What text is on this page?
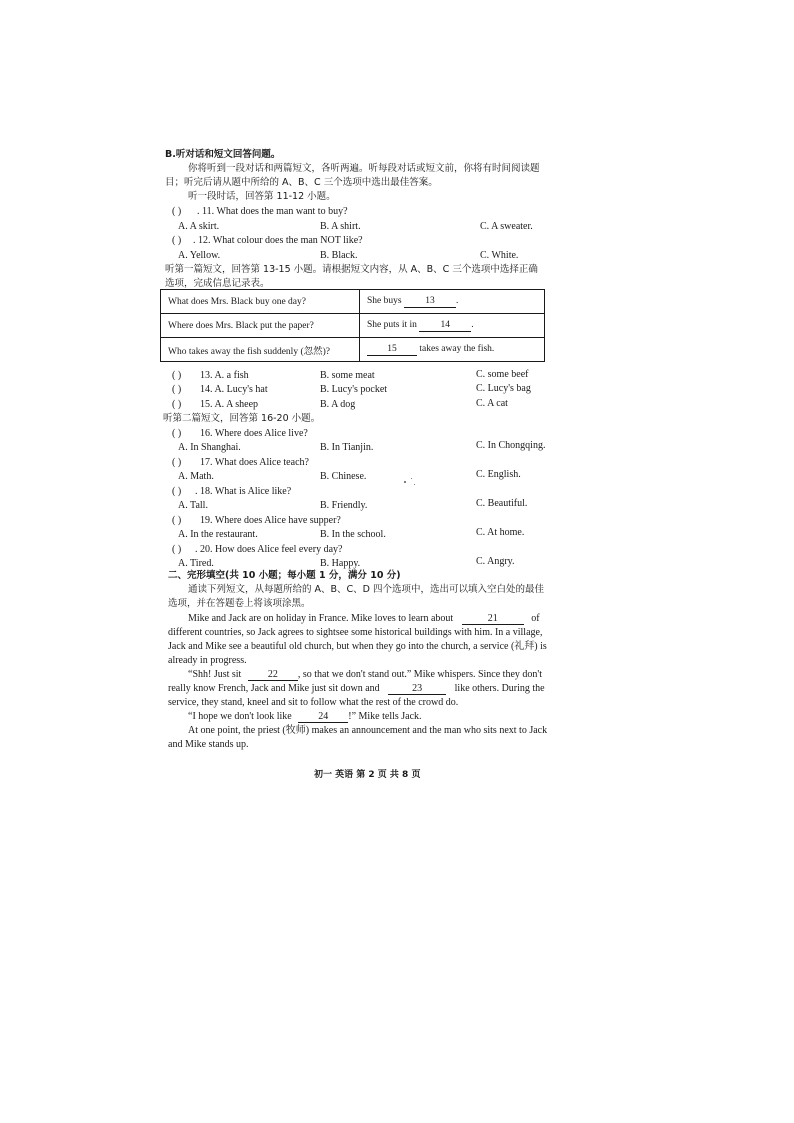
B.听对话和短文回答问题。
你将听到一段对话和两篇短文，各听两遍。听每段对话或短文前，你将有时间阅读题
目；听完后请从题中所给的 A、B、C 三个选项中选出最佳答案。
听一段时话，回答第 11-12 小题。
( ) . 11. What does the man want to buy?
A. A skirt.	B. A shirt.	C. A sweater.
( ) . 12. What colour does the man NOT like?
A. Yellow.	B. Black.	C. White.
听第一篇短文，回答第 13-15 小题。请根据短文内容，从 A、B、C 三个选项中选择正确
选项，完成信息记录表。
What does Mrs. Black buy one day?	She buys 13 .
Where does Mrs. Black put the paper?	She puts it in 14 .
Who takes away the fish suddenly (忽然)?	15 takes away the fish.
( ) 13. A. a fish	B. some meat	C. some beef
( ) 14. A. Lucy's hat	B. Lucy's pocket	C. Lucy's bag
( ) 15. A. A sheep	B. A dog	C. A cat
听第二篇短文，回答第 16-20 小题。
( ) 16. Where does Alice live?
A. In Shanghai.	B. In Tianjin.	C. In Chongqing.
( ) 17. What does Alice teach?
A. Math.	B. Chinese.	C. English.
( ) . 18. What is Alice like?
A. Tall.	B. Friendly.	C. Beautiful.
( ) 19. Where does Alice have supper?
A. In the restaurant.	B. In the school.	C. At home.
( ) . 20. How does Alice feel every day?
A. Tired.	B. Happy.	C. Angry.
二、完形填空(共 10 小题；每小题 1 分，满分 10 分)
通读下列短文，从每题所给的 A、B、C、D 四个选项中，选出可以填入空白处的最佳
选项，并在答题卷上将该项涂黑。
Mike and Jack are on holiday in France. Mike loves to learn about	21	of
different countries, so Jack agrees to sightsee some historical buildings with him. In a village,
Jack and Mike see a beautiful old church, but when they go into the church, a service (礼拜) is
already in progress.
“Shh! Just sit	22 , so that we don't stand out.” Mike whispers. Since they don't
really know French, Jack and Mike just sit down and	23	like others. During the
service, they stand, kneel and sit to follow what the rest of the crowd do.
“I hope we don't look like	24 !” Mike tells Jack.
At one point, the priest (牧师) makes an announcement and the man who sits next to Jack
and Mike stands up.
初一 英语 第 2 页 共 8 页
